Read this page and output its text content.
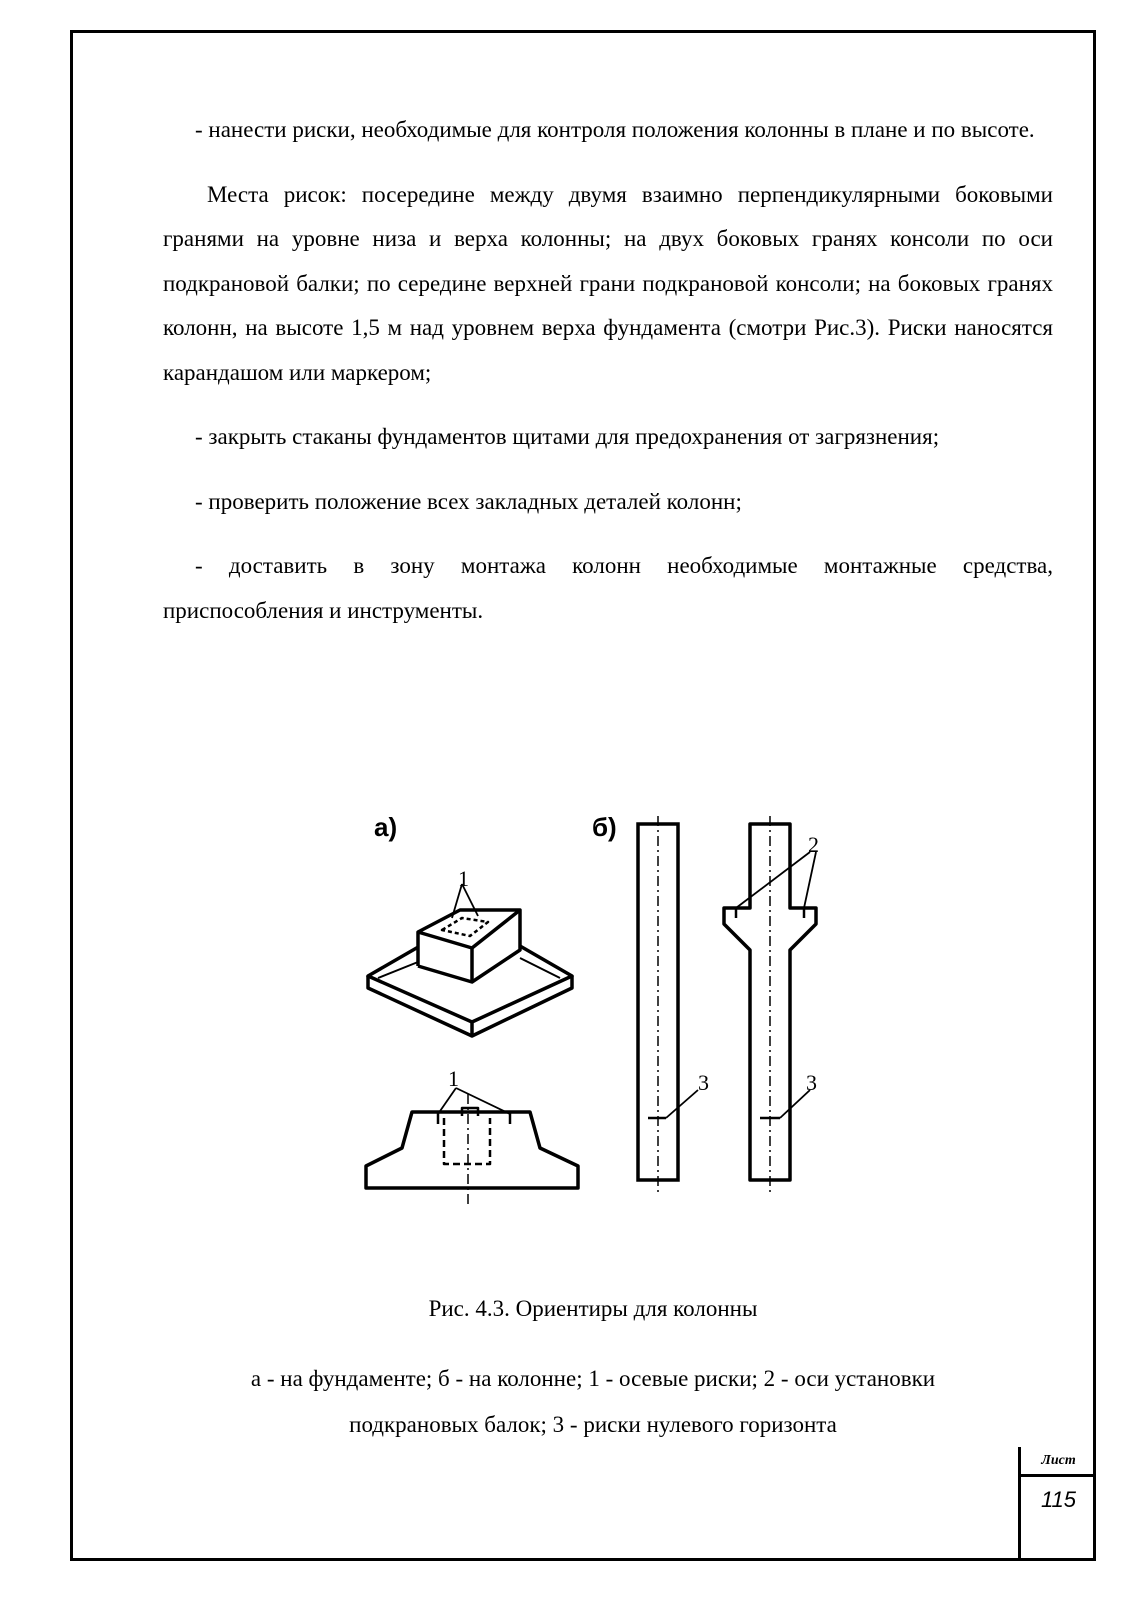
- нанести риски, необходимые для контроля положения колонны в плане и по высоте.

Места рисок: посередине между двумя взаимно перпендикулярными боковыми гранями на уровне низа и верха колонны; на двух боковых гранях консоли по оси подкрановой балки; по середине верхней грани подкрановой консоли; на боковых гранях колонн, на высоте 1,5 м над уровнем верха фундамента (смотри Рис.3). Риски наносятся карандашом или маркером;

- закрыть стаканы фундаментов щитами для предохранения от загрязнения;

- проверить положение всех закладных деталей колонн;

- доставить в зону монтажа колонн необходимые монтажные средства, приспособления и инструменты.

а)	б)
1
1	3
2
3
Рис. 4.3. Ориентиры для колонны
а - на фундаменте; б - на колонне; 1 - осевые риски; 2 - оси установки
подкрановых балок; 3 - риски нулевого горизонта
Лист
115
